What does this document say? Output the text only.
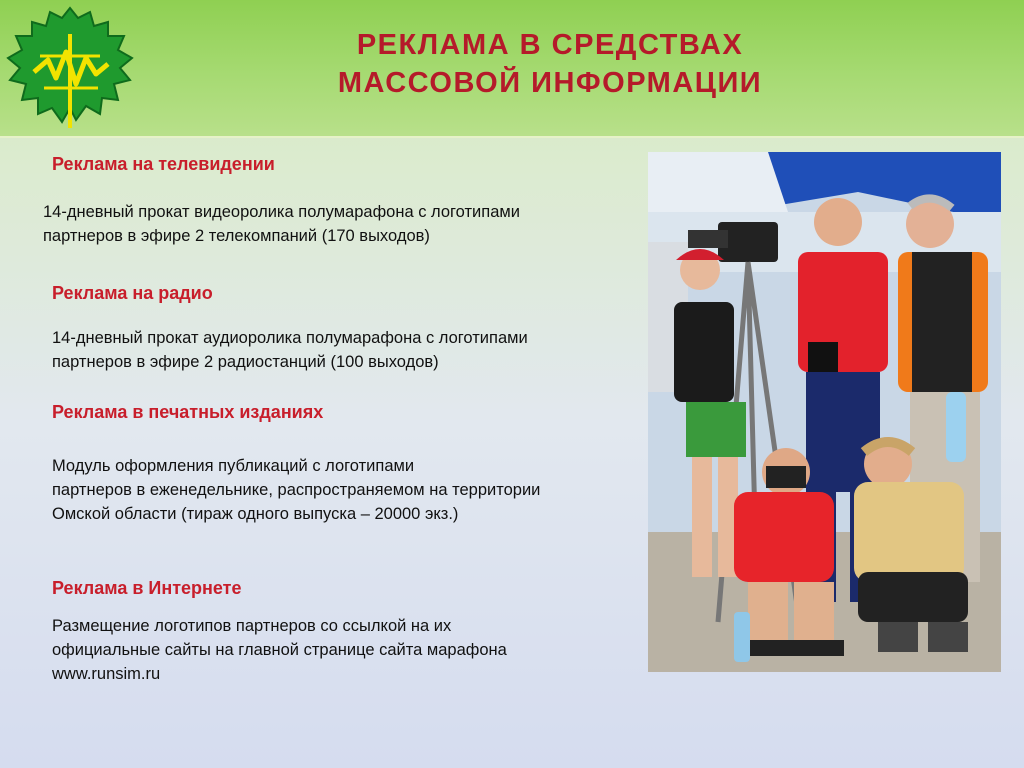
РЕКЛАМА В СРЕДСТВАХ
МАССОВОЙ ИНФОРМАЦИИ
Реклама на телевидении
14-дневный прокат видеоролика полумарафона с логотипами
партнеров в эфире 2 телекомпаний (170 выходов)
Реклама на радио
14-дневный прокат аудиоролика полумарафона с логотипами
партнеров в эфире 2 радиостанций (100 выходов)
Реклама в печатных изданиях
Модуль оформления публикаций с логотипами
партнеров в еженедельнике, распространяемом на территории
Омской области (тираж одного выпуска – 20000 экз.)
Реклама в Интернете
Размещение логотипов партнеров со ссылкой на их
официальные сайты на главной странице сайта марафона
www.runsim.ru
